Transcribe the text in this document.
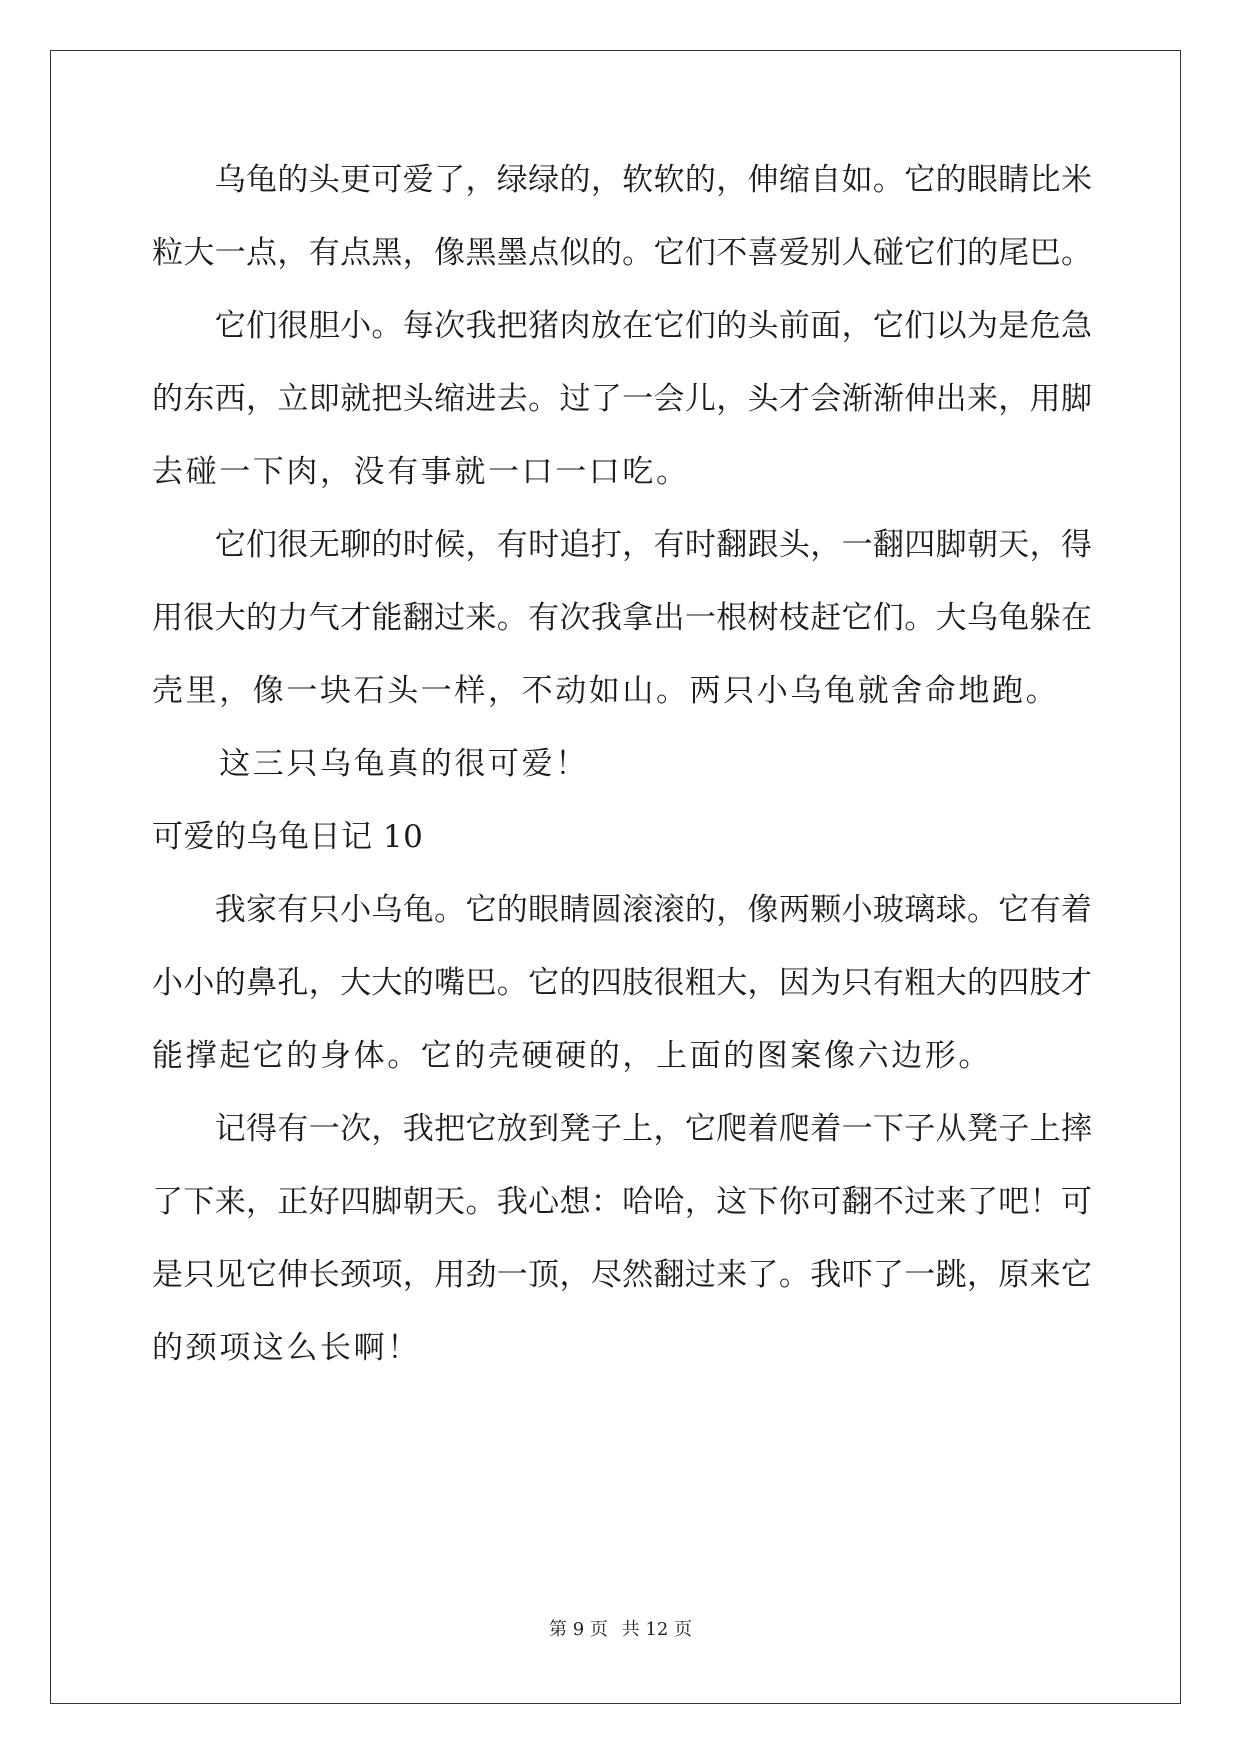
　　乌龟的头更可爱了，绿绿的，软软的，伸缩自如。它的眼睛比米
粒大一点，有点黑，像黑墨点似的。它们不喜爱别人碰它们的尾巴。
　　它们很胆小。每次我把猪肉放在它们的头前面，它们以为是危急
的东西，立即就把头缩进去。过了一会儿，头才会渐渐伸出来，用脚
去碰一下肉，没有事就一口一口吃。
　　它们很无聊的时候，有时追打，有时翻跟头，一翻四脚朝天，得
用很大的力气才能翻过来。有次我拿出一根树枝赶它们。大乌龟躲在
壳里，像一块石头一样，不动如山。两只小乌龟就舍命地跑。
　　这三只乌龟真的很可爱！
可爱的乌龟日记 10
　　我家有只小乌龟。它的眼睛圆滚滚的，像两颗小玻璃球。它有着
小小的鼻孔，大大的嘴巴。它的四肢很粗大，因为只有粗大的四肢才
能撑起它的身体。它的壳硬硬的，上面的图案像六边形。
　　记得有一次，我把它放到凳子上，它爬着爬着一下子从凳子上摔
了下来，正好四脚朝天。我心想：哈哈，这下你可翻不过来了吧！可
是只见它伸长颈项，用劲一顶，尽然翻过来了。我吓了一跳，原来它
的颈项这么长啊！
第 9 页 共 12 页
